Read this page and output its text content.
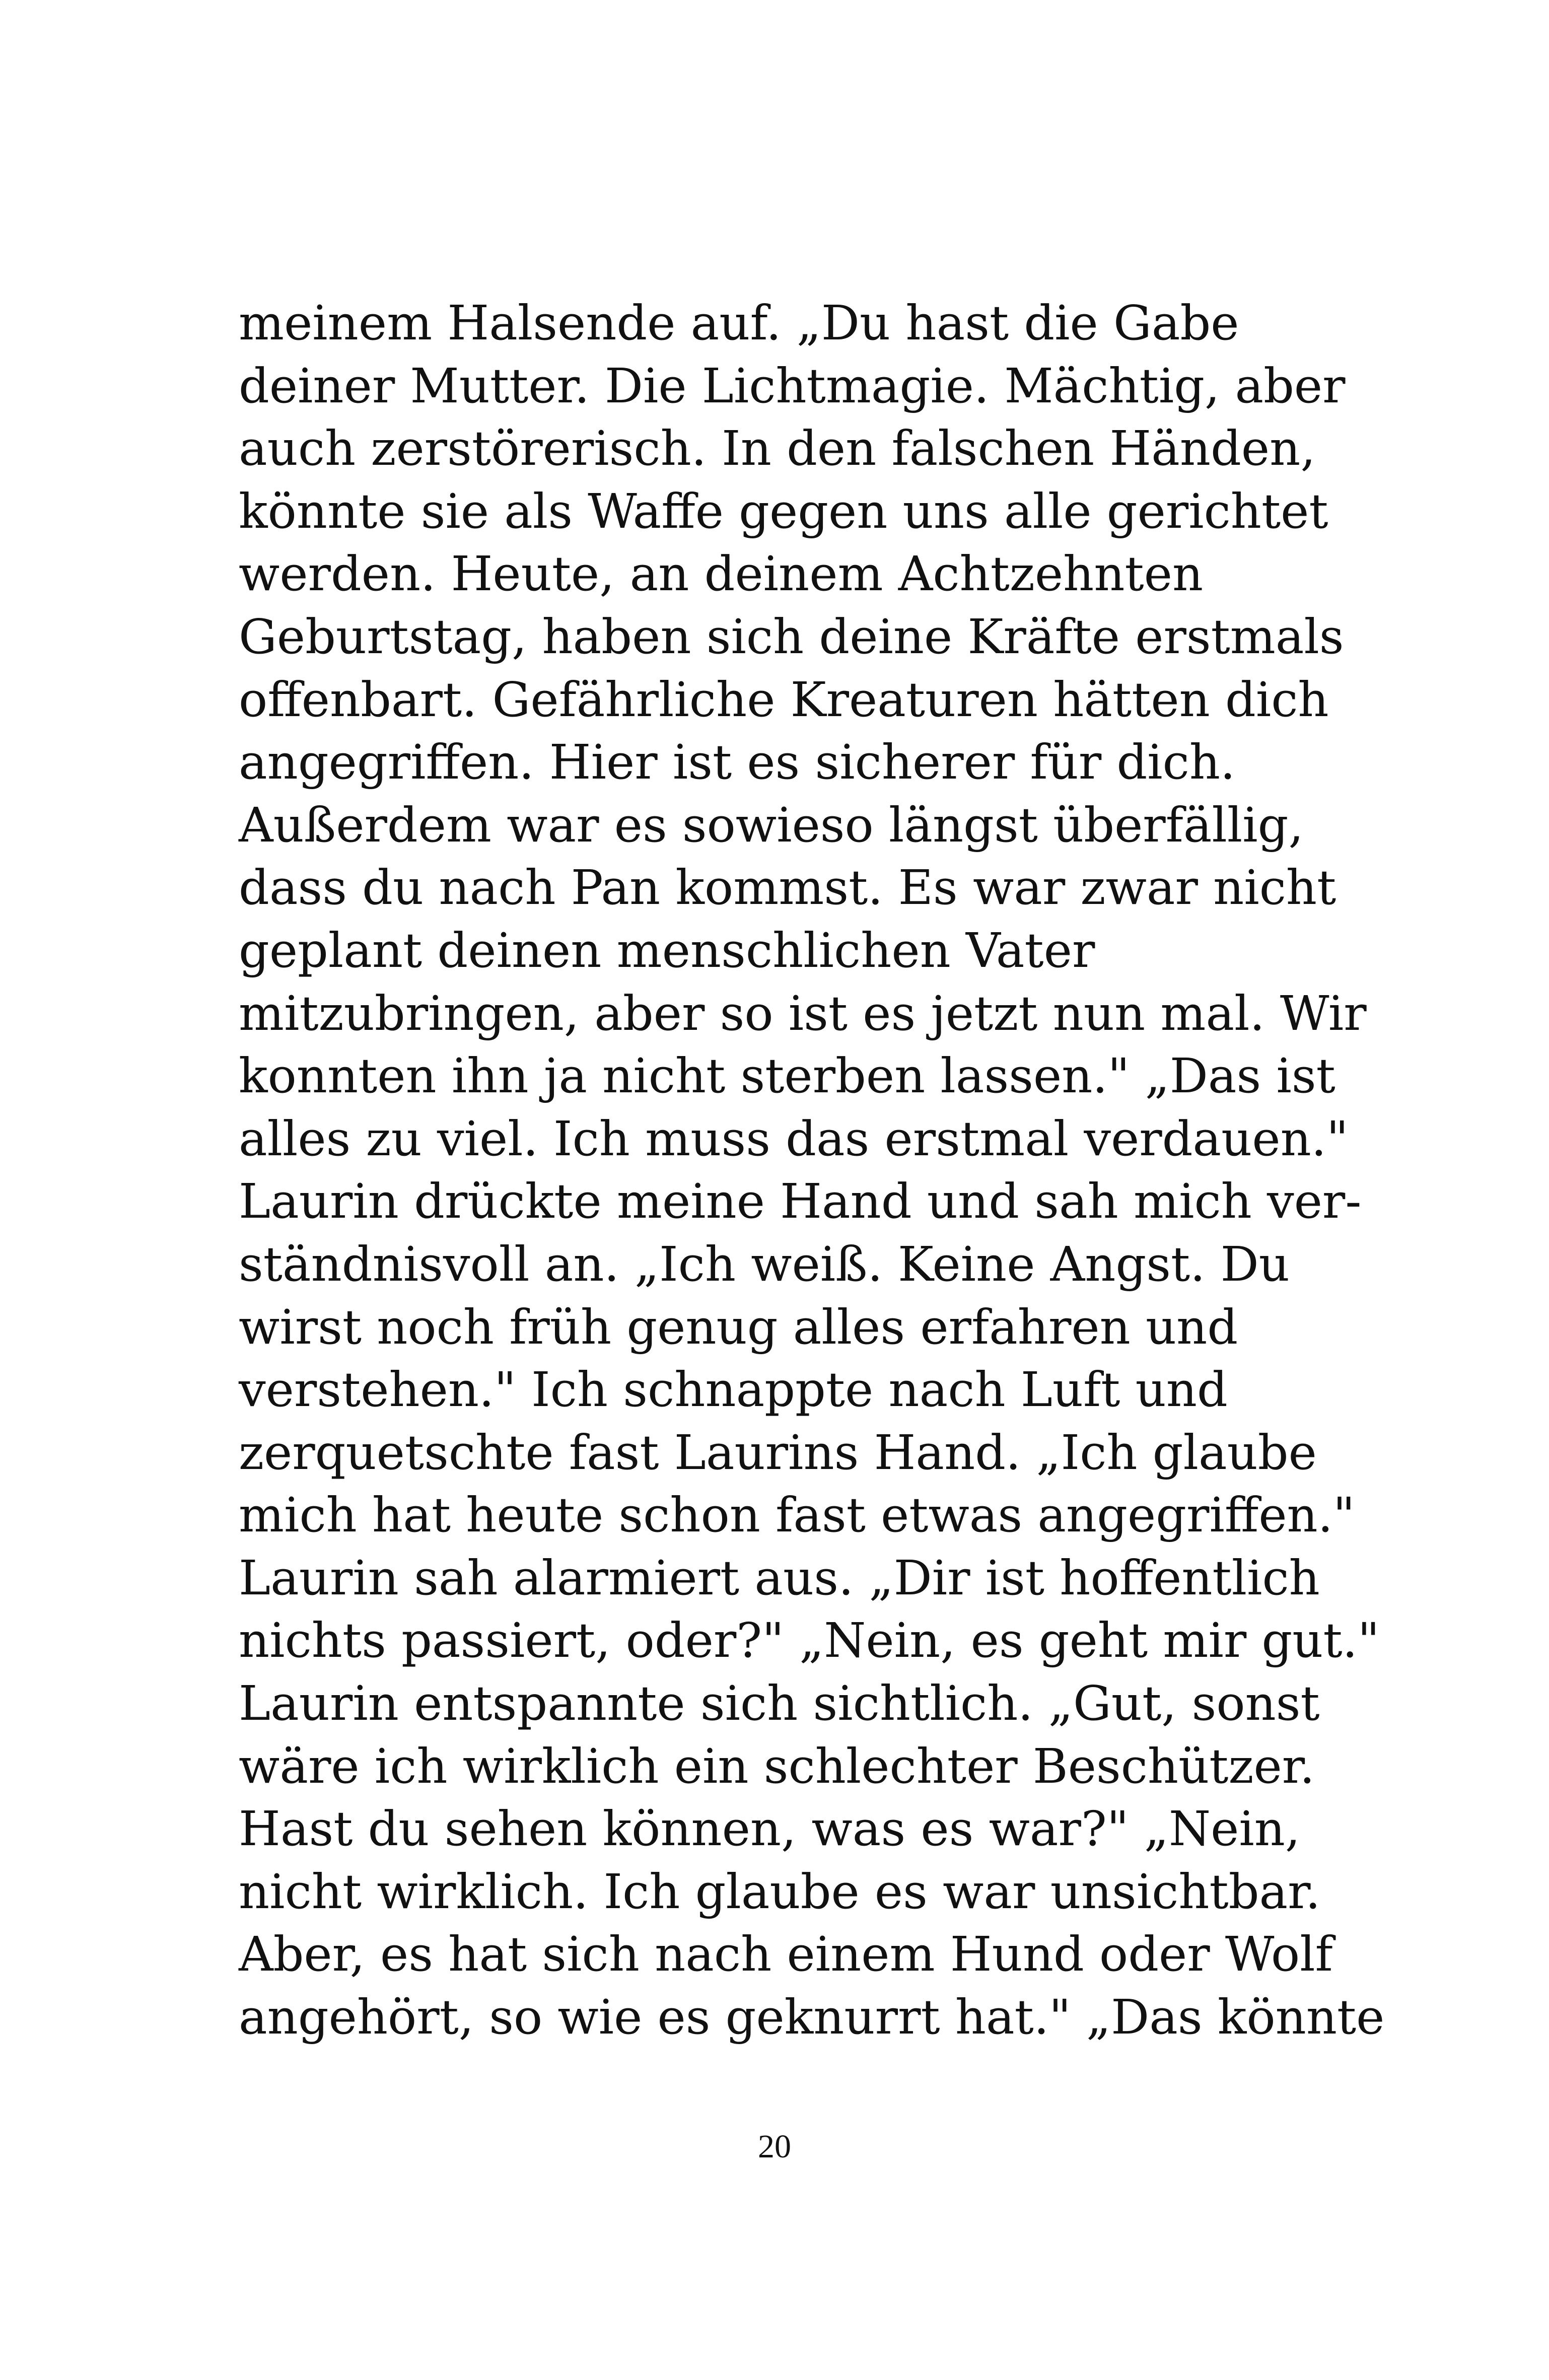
meinem Halsende auf. „Du hast die Gabe
deiner Mutter. Die Lichtmagie. Mächtig, aber
auch zerstörerisch. In den falschen Händen,
könnte sie als Waffe gegen uns alle gerichtet
werden. Heute, an deinem Achtzehnten
Geburtstag, haben sich deine Kräfte erstmals
offenbart. Gefährliche Kreaturen hätten dich
angegriffen. Hier ist es sicherer für dich.
Außerdem war es sowieso längst überfällig,
dass du nach Pan kommst. Es war zwar nicht
geplant deinen menschlichen Vater
mitzubringen, aber so ist es jetzt nun mal. Wir
konnten ihn ja nicht sterben lassen." „Das ist
alles zu viel. Ich muss das erstmal verdauen."
Laurin drückte meine Hand und sah mich ver-
ständnisvoll an. „Ich weiß. Keine Angst. Du
wirst noch früh genug alles erfahren und
verstehen." Ich schnappte nach Luft und
zerquetschte fast Laurins Hand. „Ich glaube
mich hat heute schon fast etwas angegriffen."
Laurin sah alarmiert aus. „Dir ist hoffentlich
nichts passiert, oder?" „Nein, es geht mir gut."
Laurin entspannte sich sichtlich. „Gut, sonst
wäre ich wirklich ein schlechter Beschützer.
Hast du sehen können, was es war?" „Nein,
nicht wirklich. Ich glaube es war unsichtbar.
Aber, es hat sich nach einem Hund oder Wolf
angehört, so wie es geknurrt hat." „Das könnte
20
